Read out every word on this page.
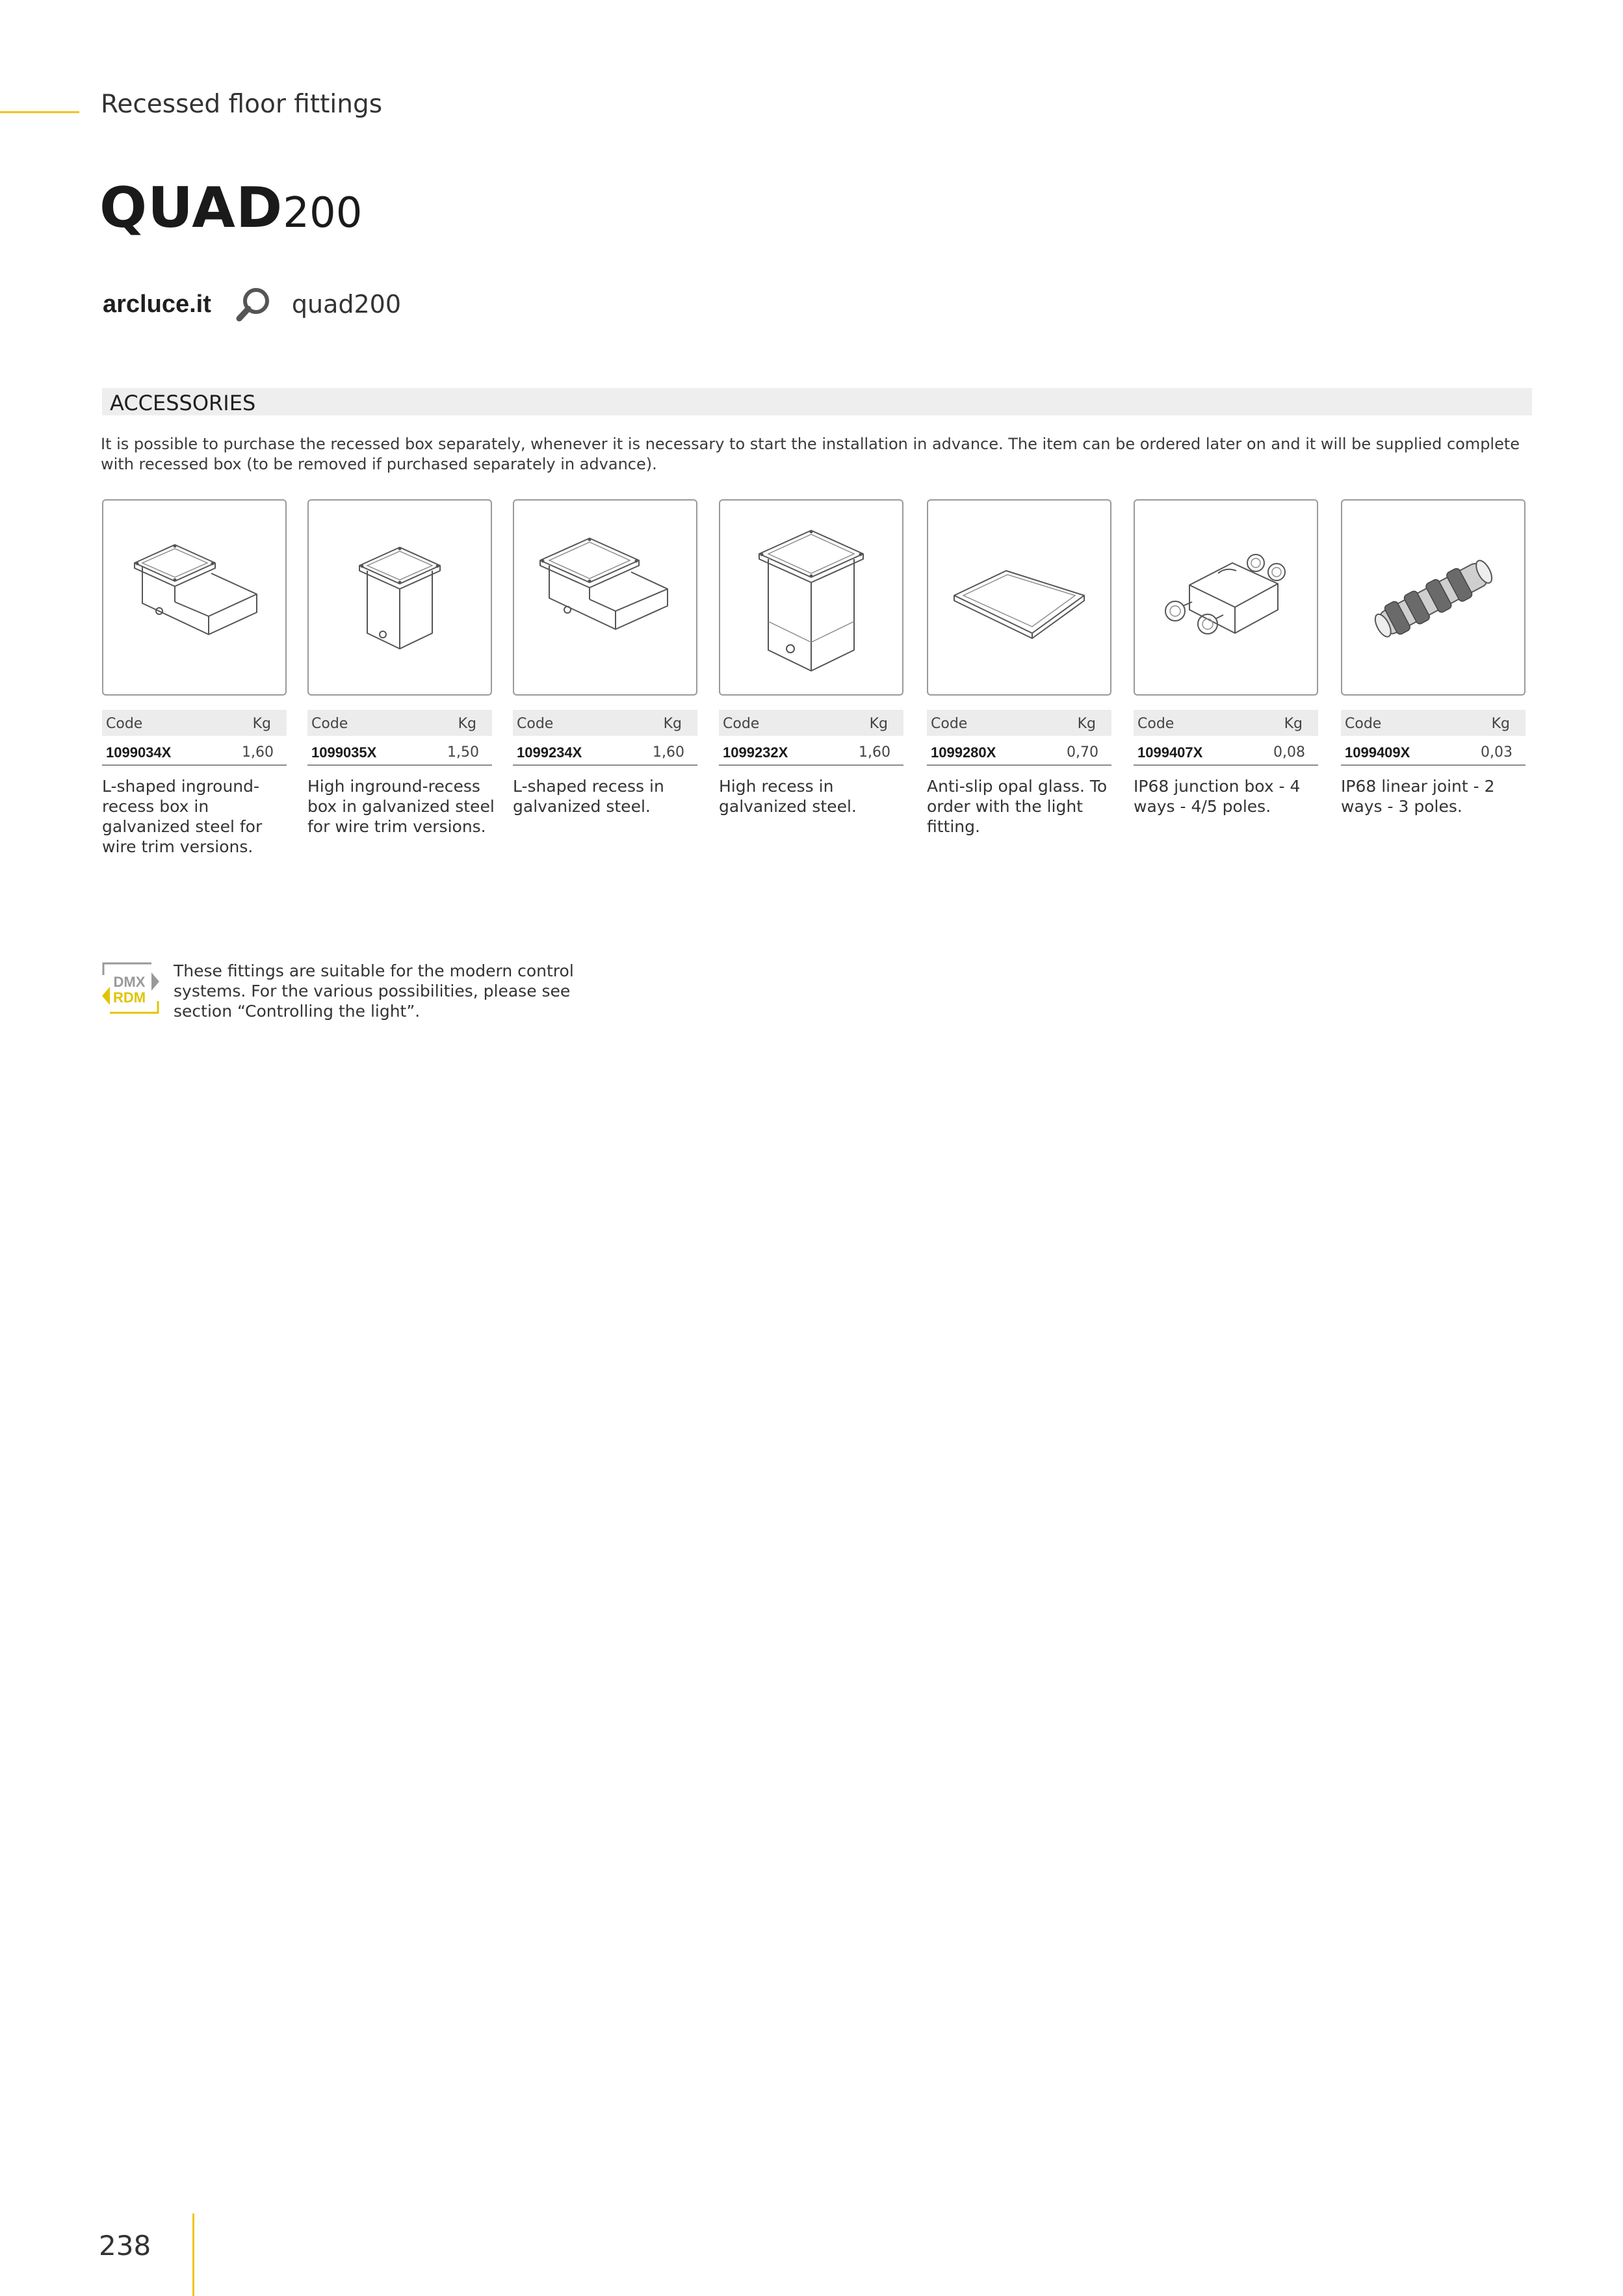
Recessed floor fittings
QUAD200
arcluce.it	quad200
ACCESSORIES
It is possible to purchase the recessed box separately, whenever it is necessary to start the installation in advance. The item can be ordered later on and it will be supplied complete with recessed box (to be removed if purchased separately in advance).
Code	Kg
1099034X	1,60
L-shaped inground-recess box in galvanized steel for wire trim versions.
Code	Kg
1099035X	1,50
High inground-recess box in galvanized steel for wire trim versions.
Code	Kg
1099234X	1,60
L-shaped recess in galvanized steel.
Code	Kg
1099232X	1,60
High recess in galvanized steel.
Code	Kg
1099280X	0,70
Anti-slip opal glass. To order with the light fitting.
Code	Kg
1099407X	0,08
IP68 junction box - 4 ways - 4/5 poles.
Code	Kg
1099409X	0,03
IP68 linear joint - 2 ways - 3 poles.
DMX
RDM
These fittings are suitable for the modern control systems. For the various possibilities, please see section “Controlling the light”.
238
